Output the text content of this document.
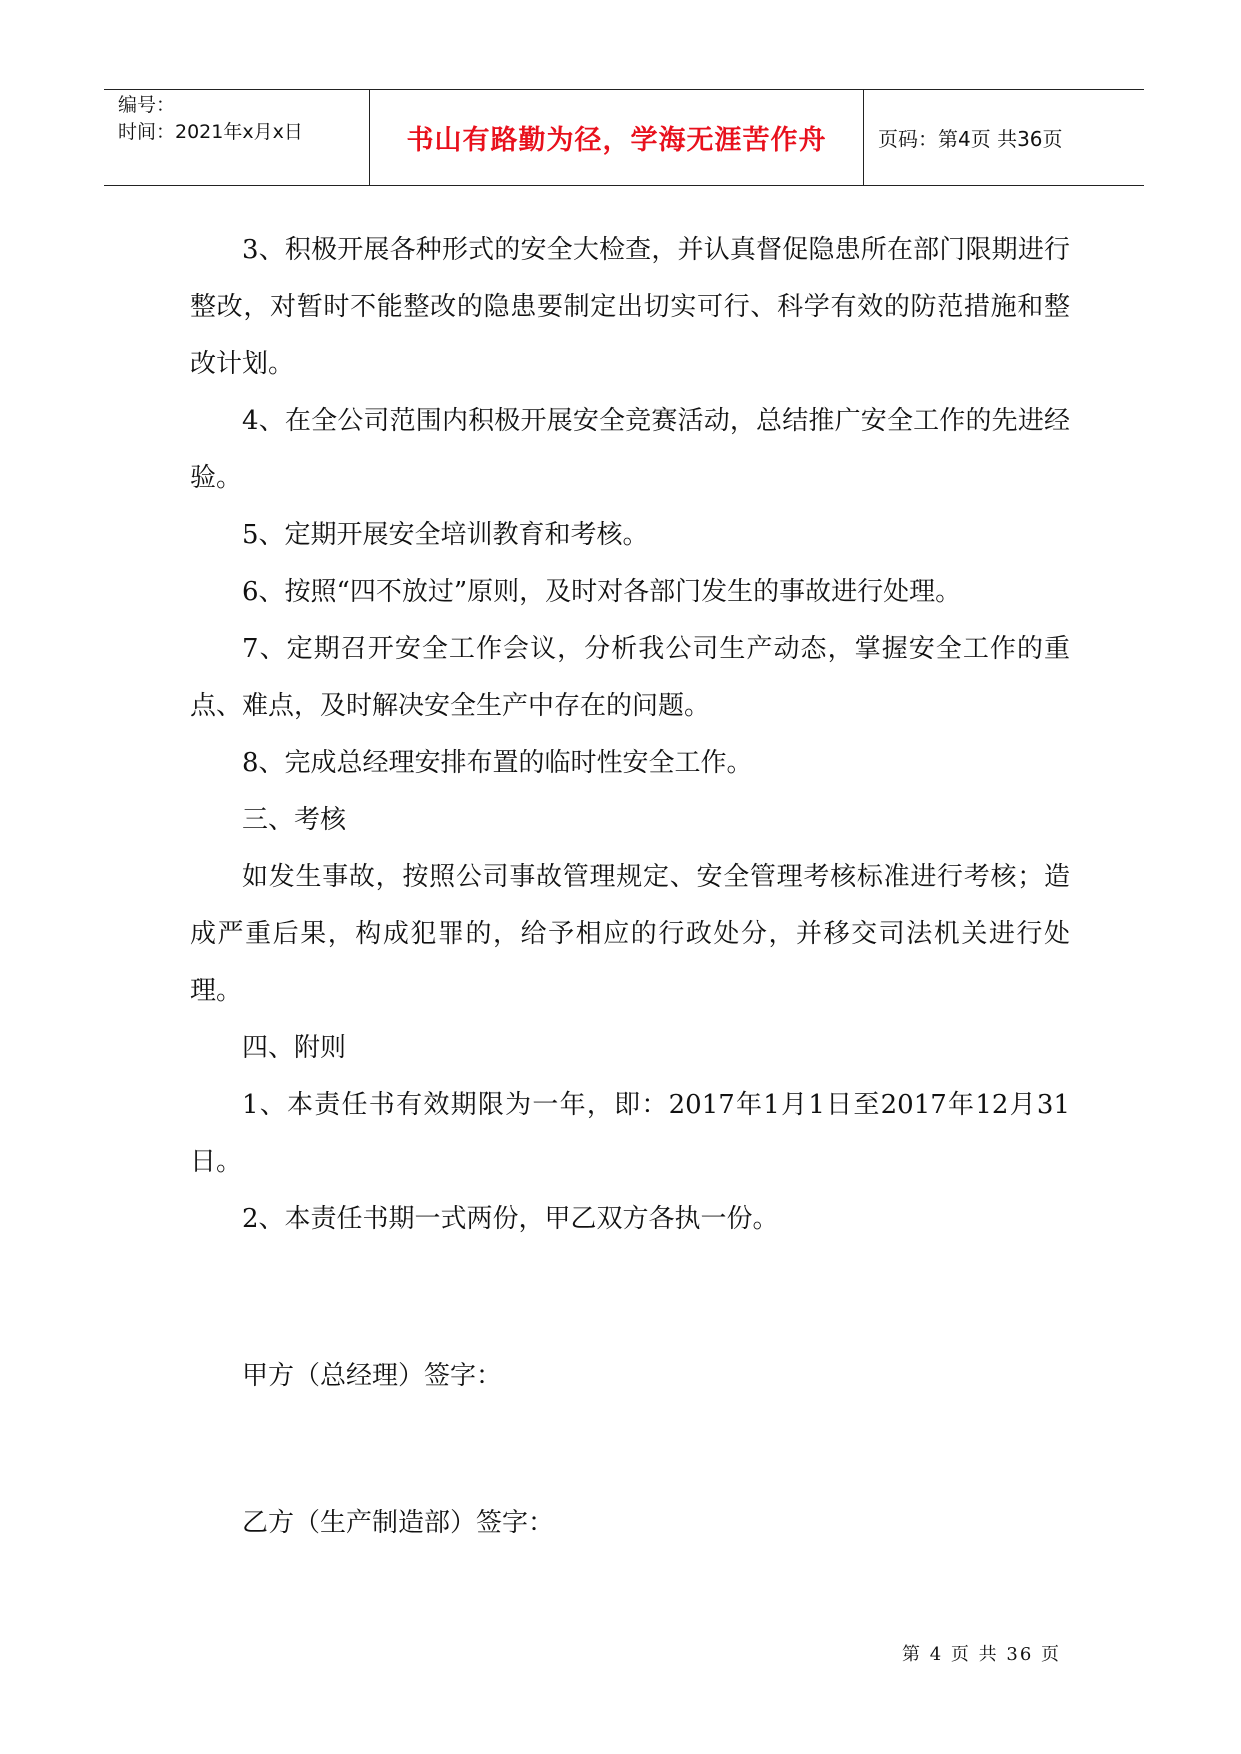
编号：
时间：2021年x月x日	书山有路勤为径，学海无涯苦作舟	页码：第4页 共36页

3、积极开展各种形式的安全大检查，并认真督促隐患所在部门限期进行整改，对暂时不能整改的隐患要制定出切实可行、科学有效的防范措施和整改计划。

4、在全公司范围内积极开展安全竞赛活动，总结推广安全工作的先进经验。

5、定期开展安全培训教育和考核。

6、按照“四不放过”原则，及时对各部门发生的事故进行处理。

7、定期召开安全工作会议，分析我公司生产动态，掌握安全工作的重点、难点，及时解决安全生产中存在的问题。

8、完成总经理安排布置的临时性安全工作。

三、考核

如发生事故，按照公司事故管理规定、安全管理考核标准进行考核；造成严重后果，构成犯罪的，给予相应的行政处分，并移交司法机关进行处理。

四、附则

1、本责任书有效期限为一年，即：2017年1月1日至2017年12月31日。

2、本责任书期一式两份，甲乙双方各执一份。

甲方（总经理）签字：

乙方（生产制造部）签字：

第 4 页 共 36 页
